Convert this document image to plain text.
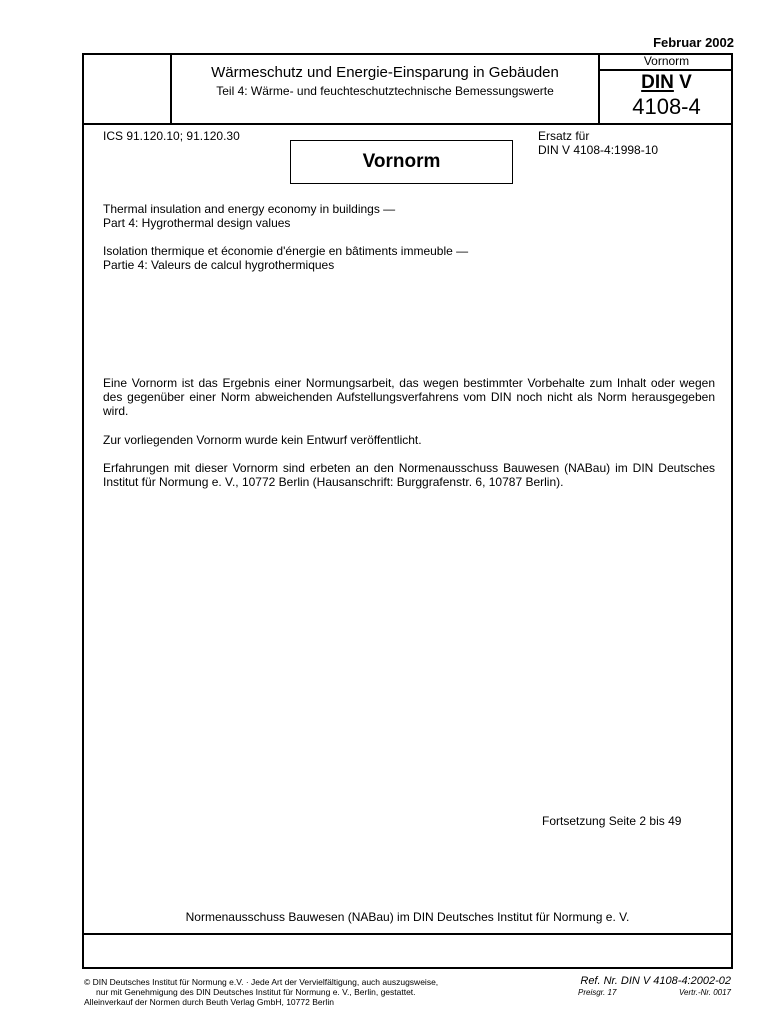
Februar 2002
Wärmeschutz und Energie-Einsparung in Gebäuden
Teil 4: Wärme- und feuchteschutztechnische Bemessungswerte
Vornorm
DIN V
4108-4
ICS 91.120.10; 91.120.30
Vornorm
Ersatz für
DIN V 4108-4:1998-10
Thermal insulation and energy economy in buildings —
Part 4: Hygrothermal design values
Isolation thermique et économie d'énergie en bâtiments immeuble —
Partie 4: Valeurs de calcul hygrothermiques
Eine Vornorm ist das Ergebnis einer Normungsarbeit, das wegen bestimmter Vorbehalte zum Inhalt oder wegen des gegenüber einer Norm abweichenden Aufstellungsverfahrens vom DIN noch nicht als Norm herausgegeben wird.
Zur vorliegenden Vornorm wurde kein Entwurf veröffentlicht.
Erfahrungen mit dieser Vornorm sind erbeten an den Normenausschuss Bauwesen (NABau) im DIN Deutsches Institut für Normung e. V., 10772 Berlin (Hausanschrift: Burggrafenstr. 6, 10787 Berlin).
Fortsetzung Seite 2 bis 49
Normenausschuss Bauwesen (NABau) im DIN Deutsches Institut für Normung e. V.
© DIN Deutsches Institut für Normung e.V. · Jede Art der Vervielfältigung, auch auszugsweise,
nur mit Genehmigung des DIN Deutsches Institut für Normung e. V., Berlin, gestattet.
Alleinverkauf der Normen durch Beuth Verlag GmbH, 10772 Berlin
Ref. Nr. DIN V 4108-4:2002-02
Preisgr. 17	Vertr.-Nr. 0017
